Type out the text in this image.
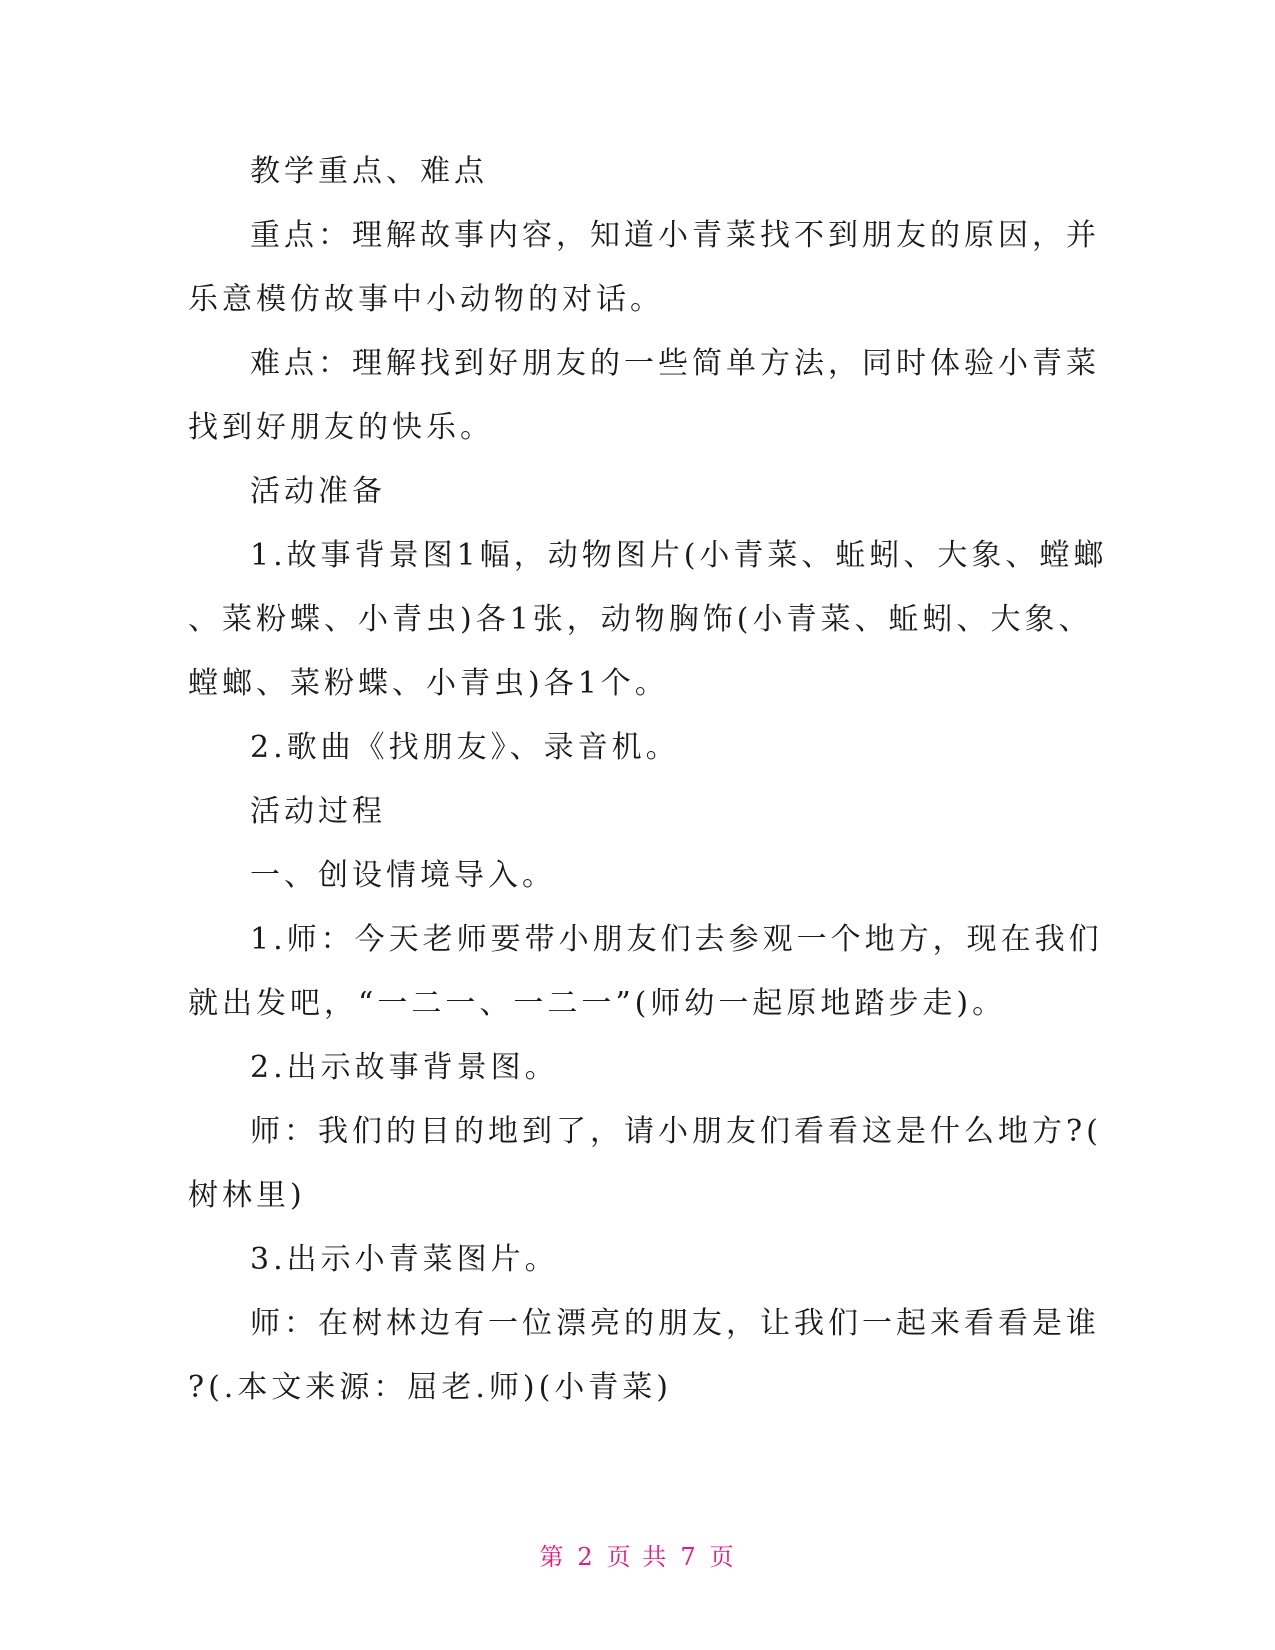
教学重点、难点
重点：理解故事内容，知道小青菜找不到朋友的原因，并
乐意模仿故事中小动物的对话。
难点：理解找到好朋友的一些简单方法，同时体验小青菜
找到好朋友的快乐。
活动准备
1.故事背景图1幅，动物图片(小青菜、蚯蚓、大象、螳螂
、菜粉蝶、小青虫)各1张，动物胸饰(小青菜、蚯蚓、大象、
螳螂、菜粉蝶、小青虫)各1个。
2.歌曲《找朋友》、录音机。
活动过程
一、创设情境导入。
1.师：今天老师要带小朋友们去参观一个地方，现在我们
就出发吧，“一二一、一二一”(师幼一起原地踏步走)。
2.出示故事背景图。
师：我们的目的地到了，请小朋友们看看这是什么地方?(
树林里)
3.出示小青菜图片。
师：在树林边有一位漂亮的朋友，让我们一起来看看是谁
?(.本文来源：屈老.师)(小青菜)
第 2 页 共 7 页
